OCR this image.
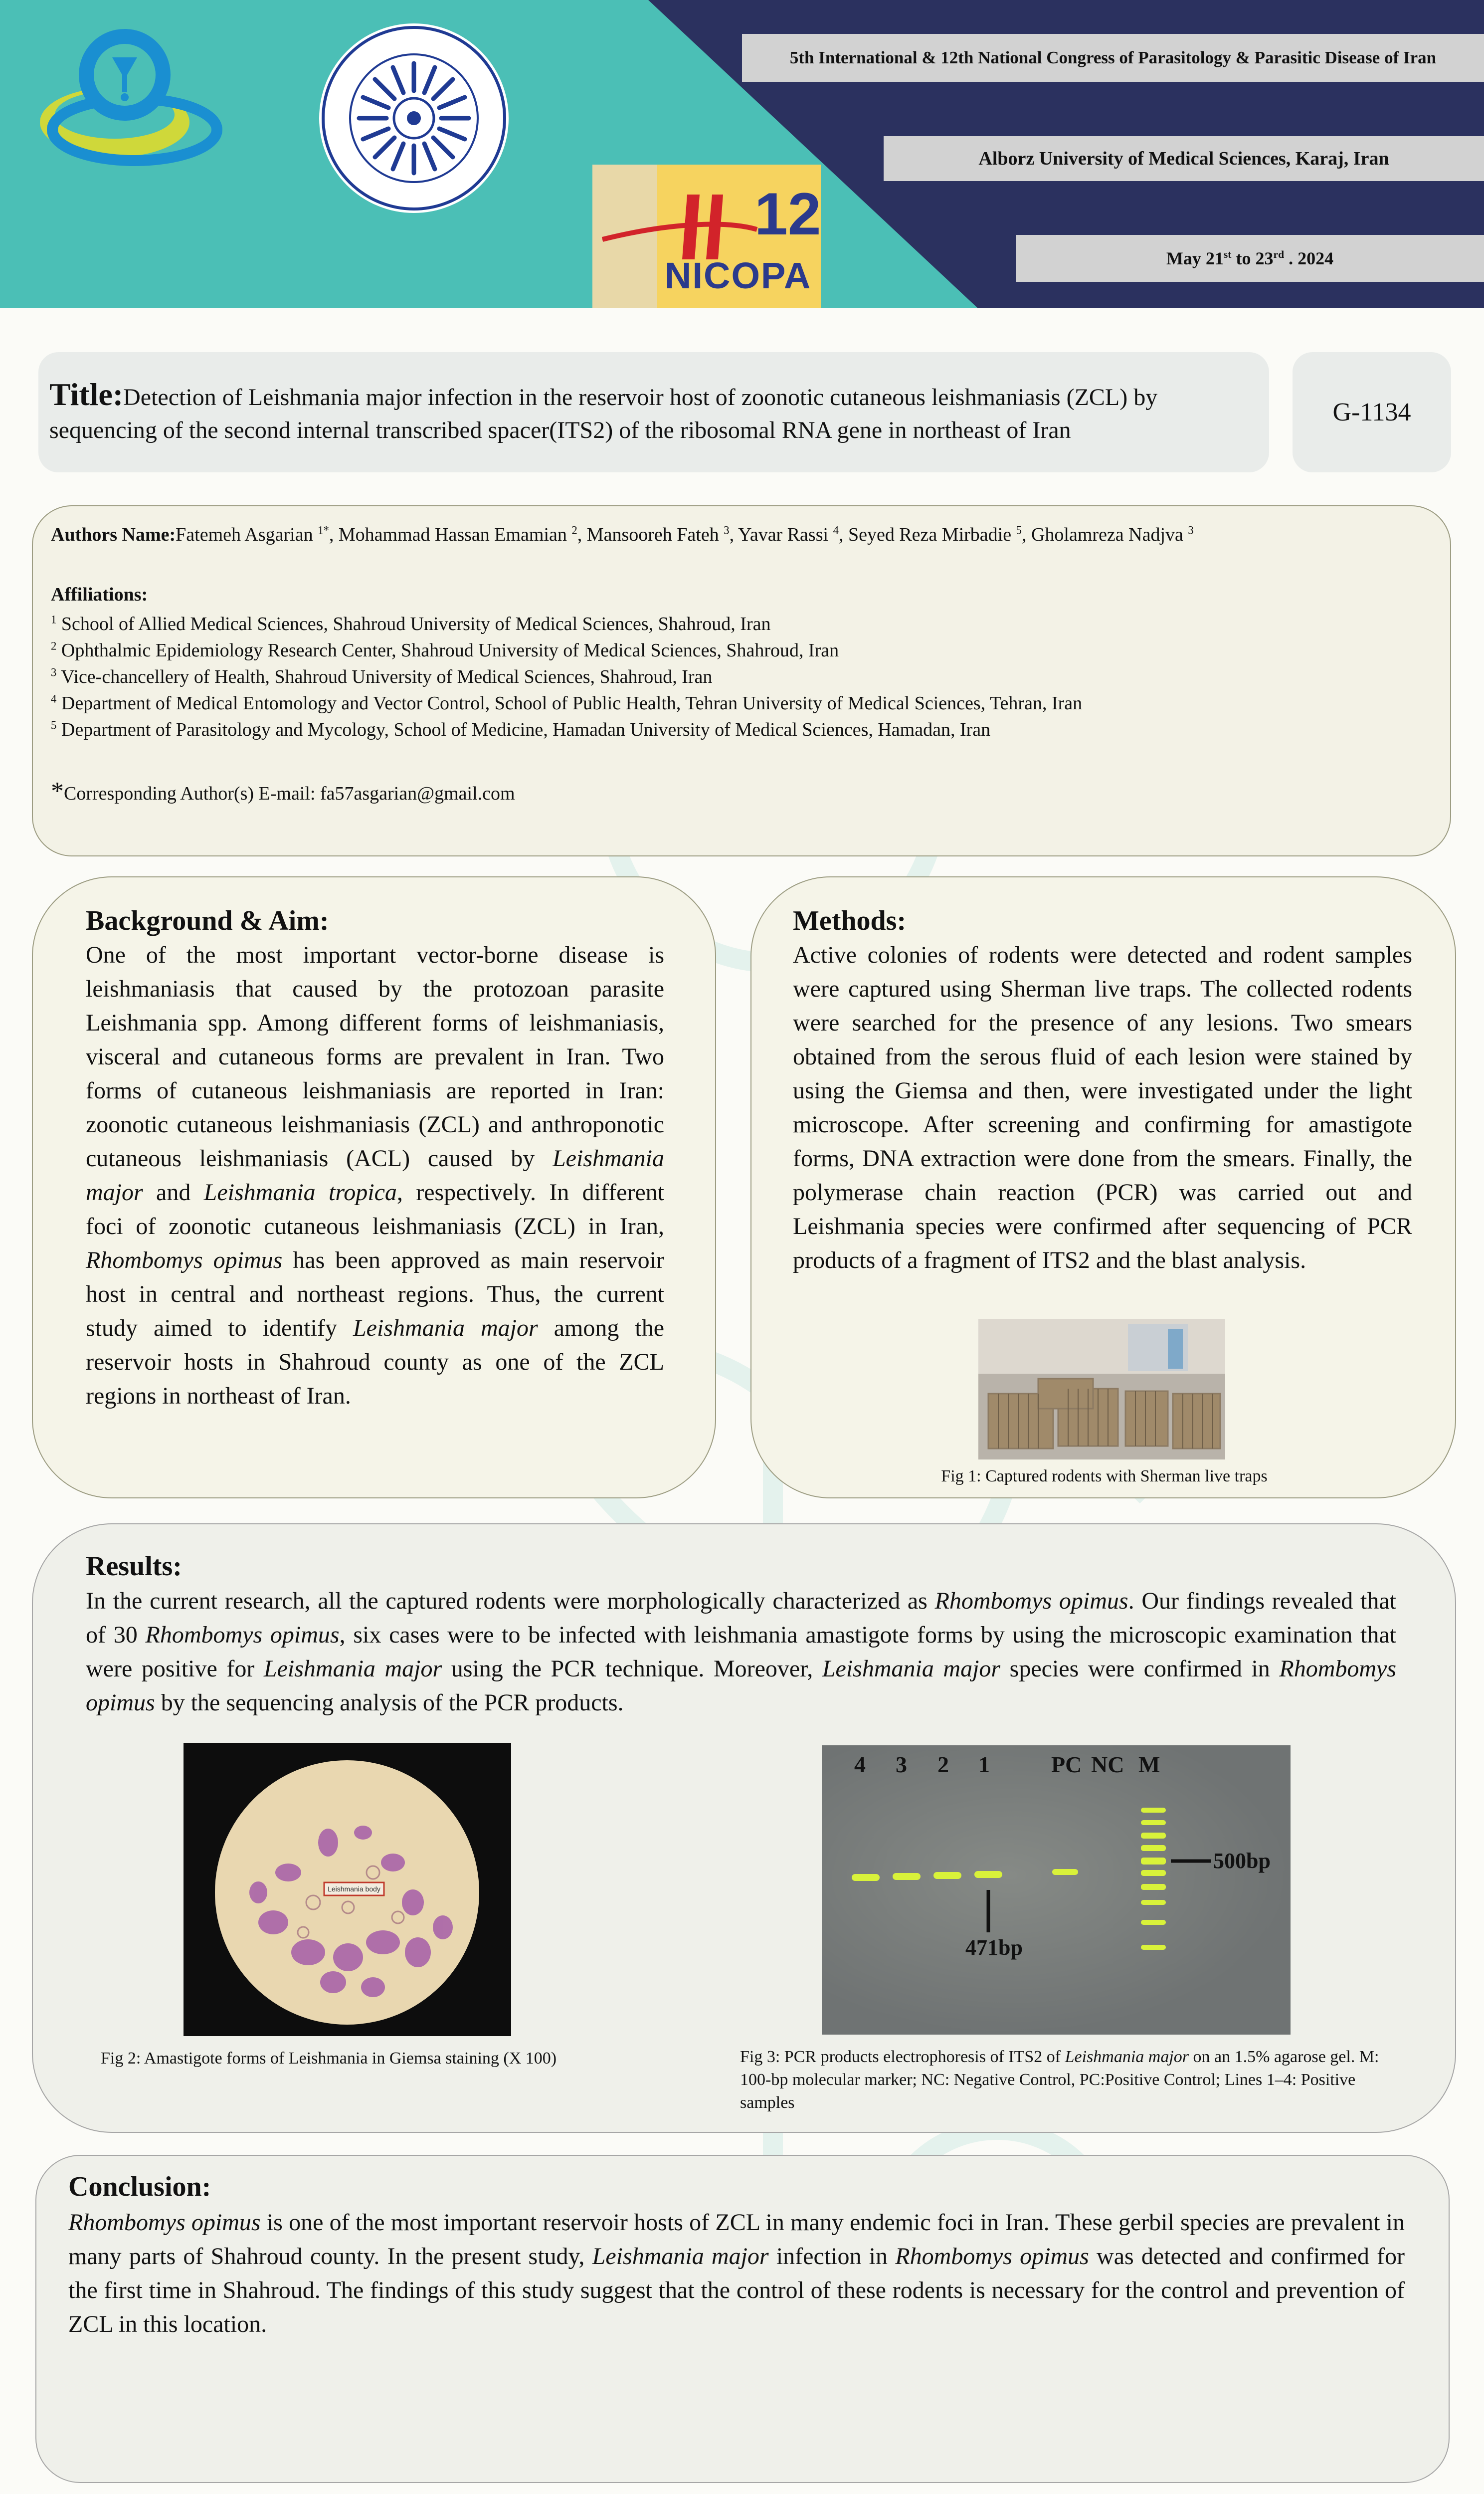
12
NICOPA
5th International & 12th National Congress of Parasitology & Parasitic Disease of Iran
Alborz University of Medical Sciences, Karaj, Iran
May 21st to 23rd . 2024
Title:Detection of Leishmania major infection in the reservoir host of zoonotic cutaneous leishmaniasis (ZCL) by sequencing of the second internal transcribed spacer(ITS2) of the ribosomal RNA gene in northeast of Iran
G-1134
Authors Name:Fatemeh Asgarian $^{1*}$, Mohammad Hassan Emamian $^2$, Mansooreh Fateh $^3$, Yavar Rassi $^4$, Seyed Reza Mirbadie $^5$, Gholamreza Nadjva $^3$
Affiliations:
$^1$ School of Allied Medical Sciences, Shahroud University of Medical Sciences, Shahroud, Iran
$^2$ Ophthalmic Epidemiology Research Center, Shahroud University of Medical Sciences, Shahroud, Iran
$^3$ Vice-chancellery of Health, Shahroud University of Medical Sciences, Shahroud, Iran
$^4$ Department of Medical Entomology and Vector Control, School of Public Health, Tehran University of Medical Sciences, Tehran, Iran
$^5$ Department of Parasitology and Mycology, School of Medicine, Hamadan University of Medical Sciences, Hamadan, Iran
*Corresponding Author(s) E-mail: fa57asgarian@gmail.com
Background & Aim:
One of the most important vector-borne disease is leishmaniasis that caused by the protozoan parasite Leishmania spp. Among different forms of leishmaniasis, visceral and cutaneous forms are prevalent in Iran. Two forms of cutaneous leishmaniasis are reported in Iran: zoonotic cutaneous leishmaniasis (ZCL) and anthroponotic cutaneous leishmaniasis (ACL) caused by Leishmania major and Leishmania tropica, respectively. In different foci of zoonotic cutaneous leishmaniasis (ZCL) in Iran, Rhombomys opimus has been approved as main reservoir host in central and northeast regions. Thus, the current study aimed to identify Leishmania major among the reservoir hosts in Shahroud county as one of the ZCL regions in northeast of Iran.
Methods:
Active colonies of rodents were detected and rodent samples were captured using Sherman live traps. The collected rodents were searched for the presence of any lesions. Two smears obtained from the serous fluid of each lesion were stained by using the Giemsa and then, were investigated under the light microscope. After screening and confirming for amastigote forms, DNA extraction were done from the smears. Finally, the polymerase chain reaction (PCR) was carried out and Leishmania species were confirmed after sequencing of PCR products of a fragment of ITS2 and the blast analysis.
Fig 1: Captured rodents with Sherman live traps
Results:
In the current research, all the captured rodents were morphologically characterized as Rhombomys opimus. Our findings revealed that of 30 Rhombomys opimus, six cases were to be infected with leishmania amastigote forms by using the microscopic examination that were positive for Leishmania major using the PCR technique. Moreover, Leishmania major species were confirmed in Rhombomys opimus by the sequencing analysis of the PCR products.
Leishmania body
Fig 2: Amastigote forms of Leishmania in Giemsa staining (X 100)
4 3 2 1	PC NC M
500bp
471bp
Fig 3: PCR products electrophoresis of ITS2 of Leishmania major on an 1.5% agarose gel. M: 100-bp molecular marker; NC: Negative Control, PC:Positive Control; Lines 1–4: Positive samples
Conclusion:
Rhombomys opimus is one of the most important reservoir hosts of ZCL in many endemic foci in Iran. These gerbil species are prevalent in many parts of Shahroud county. In the present study, Leishmania major infection in Rhombomys opimus was detected and confirmed for the first time in Shahroud. The findings of this study suggest that the control of these rodents is necessary for the control and prevention of ZCL in this location.
